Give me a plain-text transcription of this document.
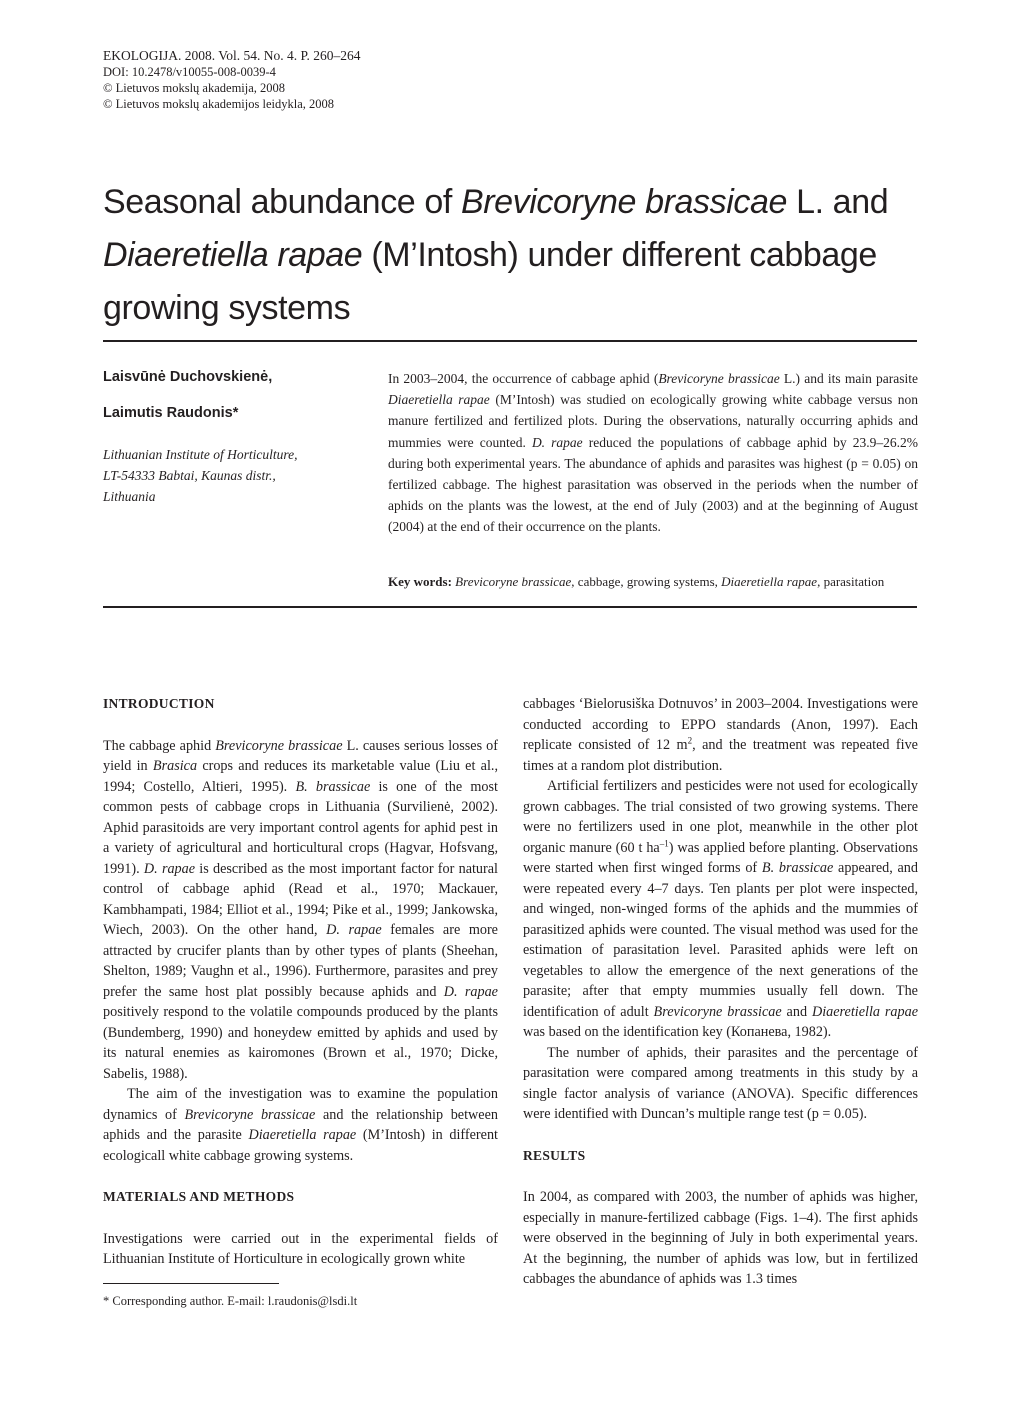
EKOLOGIJA. 2008. Vol. 54. No. 4. P. 260–264
DOI: 10.2478/v10055-008-0039-4
© Lietuvos mokslų akademija, 2008
© Lietuvos mokslų akademijos leidykla, 2008
Seasonal abundance of Brevicoryne brassicae L. and Diaeretiella rapae (M’Intosh) under different cabbage growing systems
Laisvūnė Duchovskienė,
Laimutis Raudonis*
Lithuanian Institute of Horticulture,
LT-54333 Babtai, Kaunas distr.,
Lithuania
In 2003–2004, the occurrence of cabbage aphid (Brevicoryne brassicae L.) and its main parasite Diaeretiella rapae (M’Intosh) was studied on ecologically growing white cabbage versus non manure fertilized and fertilized plots. During the observations, naturally occurring aphids and mummies were counted. D. rapae reduced the populations of cabbage aphid by 23.9–26.2% during both experimental years. The abundance of aphids and parasites was highest (p = 0.05) on fertilized cabbage. The highest parasitation was observed in the periods when the number of aphids on the plants was the lowest, at the end of July (2003) and at the beginning of August (2004) at the end of their occurrence on the plants.
Key words: Brevicoryne brassicae, cabbage, growing systems, Diaeretiella rapae, parasitation
INTRODUCTION

The cabbage aphid Brevicoryne brassicae L. causes serious losses of yield in Brasica crops and reduces its marketable value (Liu et al., 1994; Costello, Altieri, 1995). B. brassicae is one of the most common pests of cabbage crops in Lithuania (Survilienė, 2002). Aphid parasitoids are very important control agents for aphid pest in a variety of agricultural and horticultural crops (Hagvar, Hofsvang, 1991). D. rapae is described as the most important factor for natural control of cabbage aphid (Read et al., 1970; Mackauer, Kambhampati, 1984; Elliot et al., 1994; Pike et al., 1999; Jankowska, Wiech, 2003). On the other hand, D. rapae females are more attracted by crucifer plants than by other types of plants (Sheehan, Shelton, 1989; Vaughn et al., 1996). Furthermore, parasites and prey prefer the same host plat possibly because aphids and D. rapae positively respond to the volatile compounds produced by the plants (Bundemberg, 1990) and honeydew emitted by aphids and used by its natural enemies as kairomones (Brown et al., 1970; Dicke, Sabelis, 1988).

The aim of the investigation was to examine the population dynamics of Brevicoryne brassicae and the relationship between aphids and the parasite Diaeretiella rapae (M’Intosh) in different ecologicall white cabbage growing systems.

MATERIALS AND METHODS

Investigations were carried out in the experimental fields of Lithuanian Institute of Horticulture in ecologically grown white

cabbages ‘Bielorusiška Dotnuvos’ in 2003–2004. Investigations were conducted according to EPPO standards (Anon, 1997). Each replicate consisted of 12 $m^2$, and the treatment was repeated five times at a random plot distribution.

Artificial fertilizers and pesticides were not used for ecologically grown cabbages. The trial consisted of two growing systems. There were no fertilizers used in one plot, meanwhile in the other plot organic manure (60 t $ha^{-1}$) was applied before planting. Observations were started when first winged forms of B. brassicae appeared, and were repeated every 4–7 days. Ten plants per plot were inspected, and winged, non-winged forms of the aphids and the mummies of parasitized aphids were counted. The visual method was used for the estimation of parasitation level. Parasited aphids were left on vegetables to allow the emergence of the next generations of the parasite; after that empty mummies usually fell down. The identification of adult Brevicoryne brassicae and Diaeretiella rapae was based on the identification key (Копанева, 1982).

The number of aphids, their parasites and the percentage of parasitation were compared among treatments in this study by a single factor analysis of variance (ANOVA). Specific differences were identified with Duncan’s multiple range test (p = 0.05).

RESULTS

In 2004, as compared with 2003, the number of aphids was higher, especially in manure-fertilized cabbage (Figs. 1–4). The first aphids were observed in the beginning of July in both experimental years. At the beginning, the number of aphids was low, but in fertilized cabbages the abundance of aphids was 1.3 times

* Corresponding author. E-mail: l.raudonis@lsdi.lt
